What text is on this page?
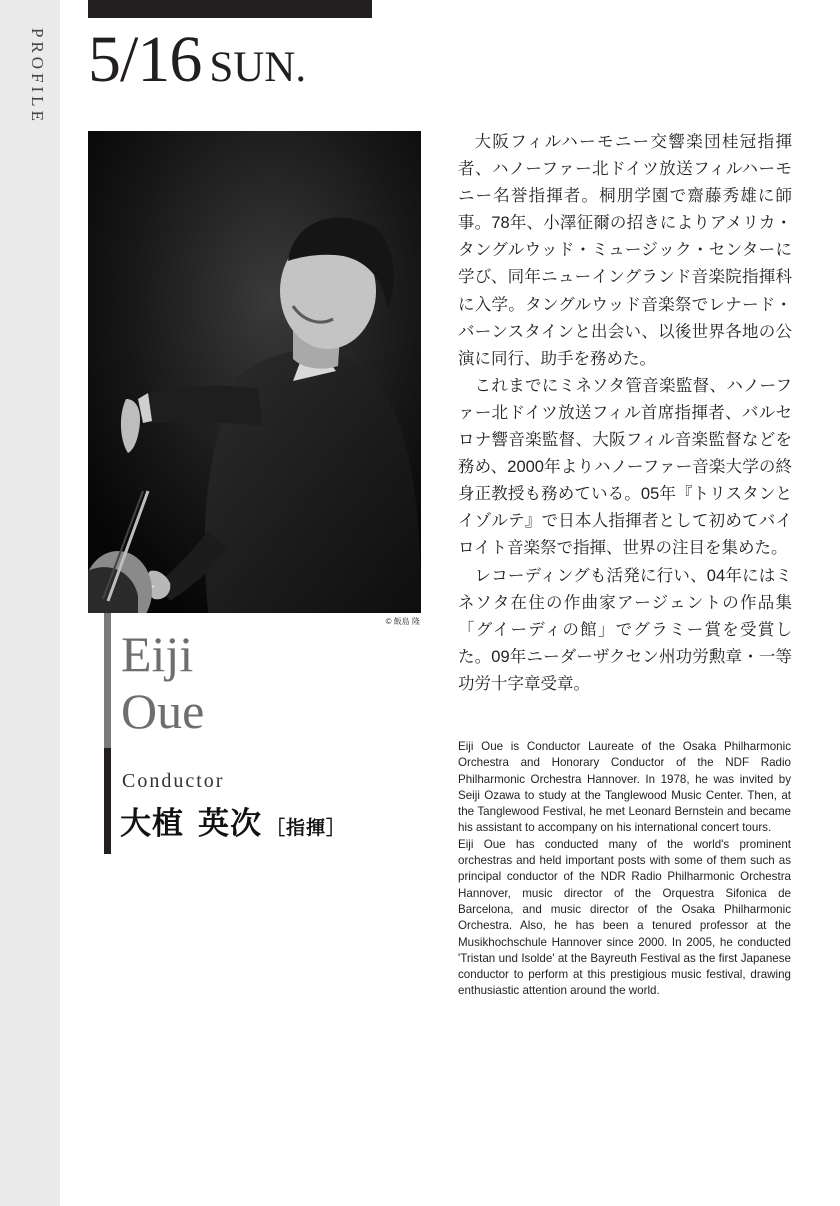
PROFILE 5/16 SUN.
© 飯島 隆
Eiji
Oue
Conductor
大植 英次 ［指揮］

大阪フィルハーモニー交響楽団桂冠指揮者、ハノーファー北ドイツ放送フィルハーモニー名誉指揮者。桐朋学園で齋藤秀雄に師事。78年、小澤征爾の招きによりアメリカ・タングルウッド・ミュージック・センターに学び、同年ニューイングランド音楽院指揮科に入学。タングルウッド音楽祭でレナード・バーンスタインと出会い、以後世界各地の公演に同行、助手を務めた。

これまでにミネソタ管音楽監督、ハノーファー北ドイツ放送フィル首席指揮者、バルセロナ響音楽監督、大阪フィル音楽監督などを務め、2000年よりハノーファー音楽大学の終身正教授も務めている。05年『トリスタンとイゾルテ』で日本人指揮者として初めてバイロイト音楽祭で指揮、世界の注目を集めた。

レコーディングも活発に行い、04年にはミネソタ在住の作曲家アージェントの作品集「グイーディの館」でグラミー賞を受賞した。09年ニーダーザクセン州功労勲章・一等功労十字章受章。

Eiji Oue is Conductor Laureate of the Osaka Philharmonic Orchestra and Honorary Conductor of the NDF Radio Philharmonic Orchestra Hannover. In 1978, he was invited by Seiji Ozawa to study at the Tanglewood Music Center. Then, at the Tanglewood Festival, he met Leonard Bernstein and became his assistant to accompany on his international concert tours.

Eiji Oue has conducted many of the world's prominent orchestras and held important posts with some of them such as principal conductor of the NDR Radio Philharmonic Orchestra Hannover, music director of the Orquestra Sifonica de Barcelona, and music director of the Osaka Philharmonic Orchestra. Also, he has been a tenured professor at the Musikhochschule Hannover since 2000. In 2005, he conducted 'Tristan und Isolde' at the Bayreuth Festival as the first Japanese conductor to perform at this prestigious music festival, drawing enthusiastic attention around the world.
